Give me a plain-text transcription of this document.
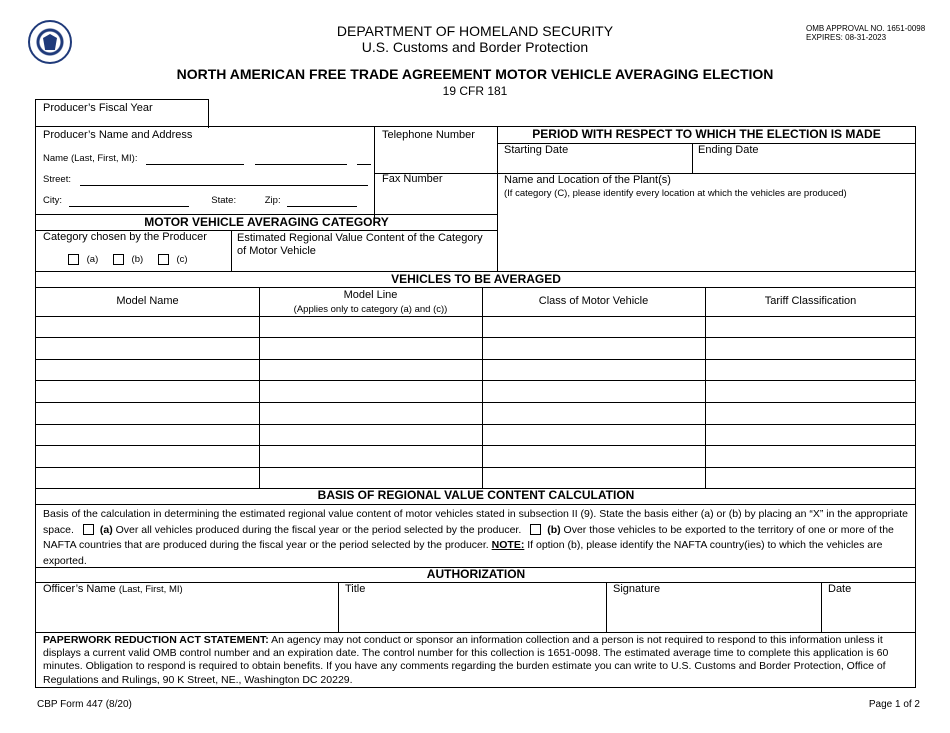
DEPARTMENT OF HOMELAND SECURITY
U.S. Customs and Border Protection
OMB APPROVAL NO. 1651-0098
EXPIRES: 08-31-2023
NORTH AMERICAN FREE TRADE AGREEMENT MOTOR VEHICLE AVERAGING ELECTION
19 CFR 181
Producer’s Fiscal Year
Producer’s Name and Address
Name (Last, First, MI):
Street:
City:	State:	Zip:
Telephone Number
Fax Number
PERIOD WITH RESPECT TO WHICH THE ELECTION IS MADE
Starting Date	Ending Date
Name and Location of the Plant(s)
(If category (C), please identify every location at which the vehicles are produced)
MOTOR VEHICLE AVERAGING CATEGORY
Category chosen by the Producer
(a)	(b)	(c)
Estimated Regional Value Content of the Category
of Motor Vehicle
VEHICLES TO BE AVERAGED
Model Name	Model Line
(Applies only to category (a) and (c))
Class of Motor Vehicle	Tariff Classification
BASIS OF REGIONAL VALUE CONTENT CALCULATION
Basis of the calculation in determining the estimated regional value content of motor vehicles stated in subsection II (9). State the basis either (a) or (b) by placing an “X” in the appropriate space. (a) Over all vehicles produced during the fiscal year or the period selected by the producer. (b) Over those vehicles to be exported to the territory of one or more of the NAFTA countries that are produced during the fiscal year or the period selected by the producer. NOTE: If option (b), please identify the NAFTA country(ies) to which the vehicles are exported.
AUTHORIZATION
Officer’s Name (Last, First, MI)	Title	Signature	Date
PAPERWORK REDUCTION ACT STATEMENT: An agency may not conduct or sponsor an information collection and a person is not required to respond to this information unless it displays a current valid OMB control number and an expiration date. The control number for this collection is 1651-0098. The estimated average time to complete this application is 60 minutes. Obligation to respond is required to obtain benefits. If you have any comments regarding the burden estimate you can write to U.S. Customs and Border Protection, Office of Regulations and Rulings, 90 K Street, NE., Washington DC 20229.
CBP Form 447 (8/20)	Page 1 of 2
